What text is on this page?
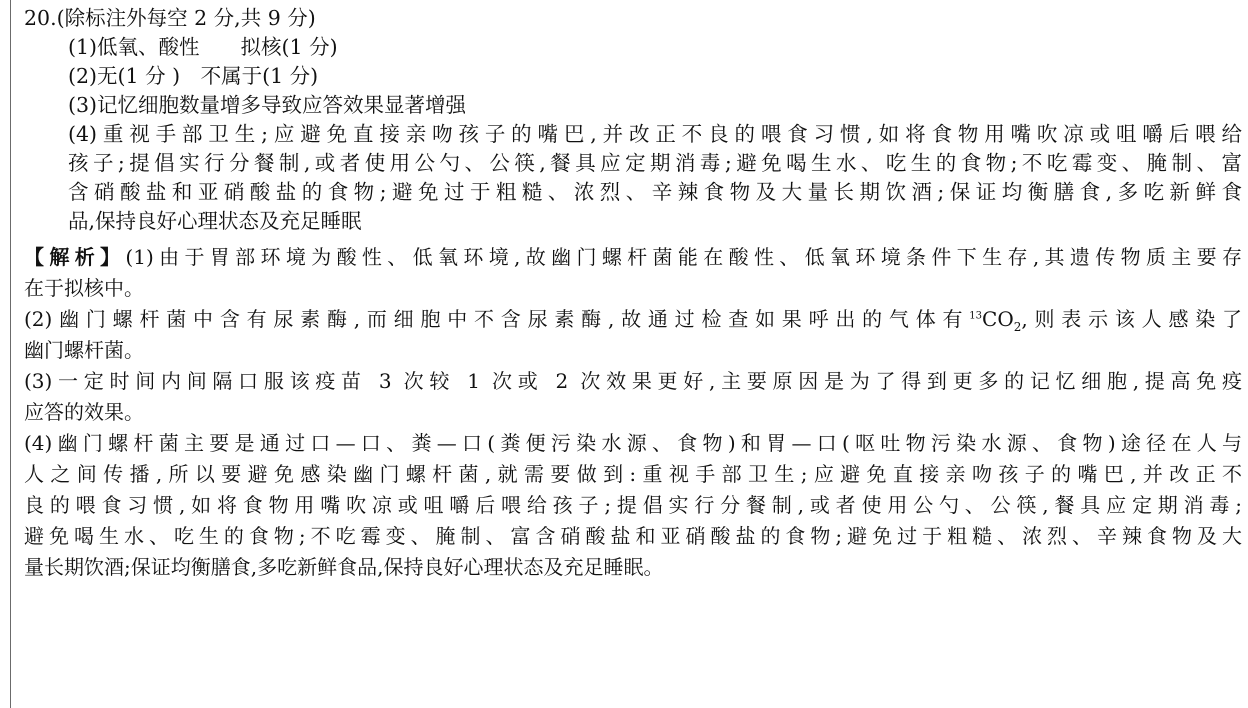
20.(除标注外每空 2 分,共 9 分)
(1)低氧、酸性　　拟核(1 分)
(2)无(1 分 )　不属于(1 分)
(3)记忆细胞数量增多导致应答效果显著增强
(4)重视手部卫生;应避免直接亲吻孩子的嘴巴,并改正不良的喂食习惯,如将食物用嘴吹凉或咀嚼后喂给
孩子;提倡实行分餐制,或者使用公勺、公筷,餐具应定期消毒;避免喝生水、吃生的食物;不吃霉变、腌制、富
含硝酸盐和亚硝酸盐的食物;避免过于粗糙、浓烈、辛辣食物及大量长期饮酒;保证均衡膳食,多吃新鲜食
品,保持良好心理状态及充足睡眠
【解析】(1)由于胃部环境为酸性、低氧环境,故幽门螺杆菌能在酸性、低氧环境条件下生存,其遗传物质主要存
在于拟核中。
(2)幽门螺杆菌中含有尿素酶,而细胞中不含尿素酶,故通过检查如果呼出的气体有$^{13}CO_2$,则表示该人感染了
幽门螺杆菌。
(3)一定时间内间隔口服该疫苗 3 次较 1 次或 2 次效果更好,主要原因是为了得到更多的记忆细胞,提高免疫
应答的效果。
(4)幽门螺杆菌主要是通过口—口、粪—口(粪便污染水源、食物)和胃—口(呕吐物污染水源、食物)途径在人与
人之间传播,所以要避免感染幽门螺杆菌,就需要做到:重视手部卫生;应避免直接亲吻孩子的嘴巴,并改正不
良的喂食习惯,如将食物用嘴吹凉或咀嚼后喂给孩子;提倡实行分餐制,或者使用公勺、公筷,餐具应定期消毒;
避免喝生水、吃生的食物;不吃霉变、腌制、富含硝酸盐和亚硝酸盐的食物;避免过于粗糙、浓烈、辛辣食物及大
量长期饮酒;保证均衡膳食,多吃新鲜食品,保持良好心理状态及充足睡眠。
